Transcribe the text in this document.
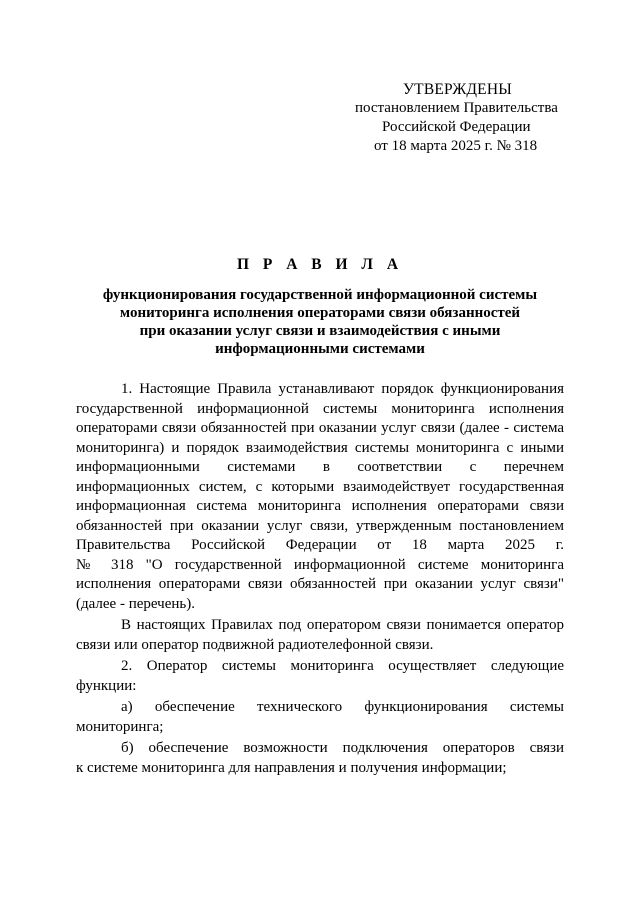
УТВЕРЖДЕНЫ
постановлением Правительства
Российской Федерации
от 18 марта 2025 г. № 318
П Р А В И Л А
функционирования государственной информационной системы
мониторинга исполнения операторами связи обязанностей
при оказании услуг связи и взаимодействия с иными
информационными системами
1. Настоящие Правила устанавливают порядок функционирования
государственной информационной системы мониторинга исполнения
операторами связи обязанностей при оказании услуг связи (далее - система
мониторинга) и порядок взаимодействия системы мониторинга с иными
информационными системами в соответствии с перечнем
информационных систем, с которыми взаимодействует государственная
информационная система мониторинга исполнения операторами связи
обязанностей при оказании услуг связи, утвержденным постановлением
Правительства Российской Федерации от 18 марта 2025 г.
№ 318 "О государственной информационной системе мониторинга
исполнения операторами связи обязанностей при оказании услуг связи"
(далее - перечень).
В настоящих Правилах под оператором связи понимается оператор
связи или оператор подвижной радиотелефонной связи.
2. Оператор системы мониторинга осуществляет следующие
функции:
а) обеспечение технического функционирования системы
мониторинга;
б) обеспечение возможности подключения операторов связи
к системе мониторинга для направления и получения информации;
